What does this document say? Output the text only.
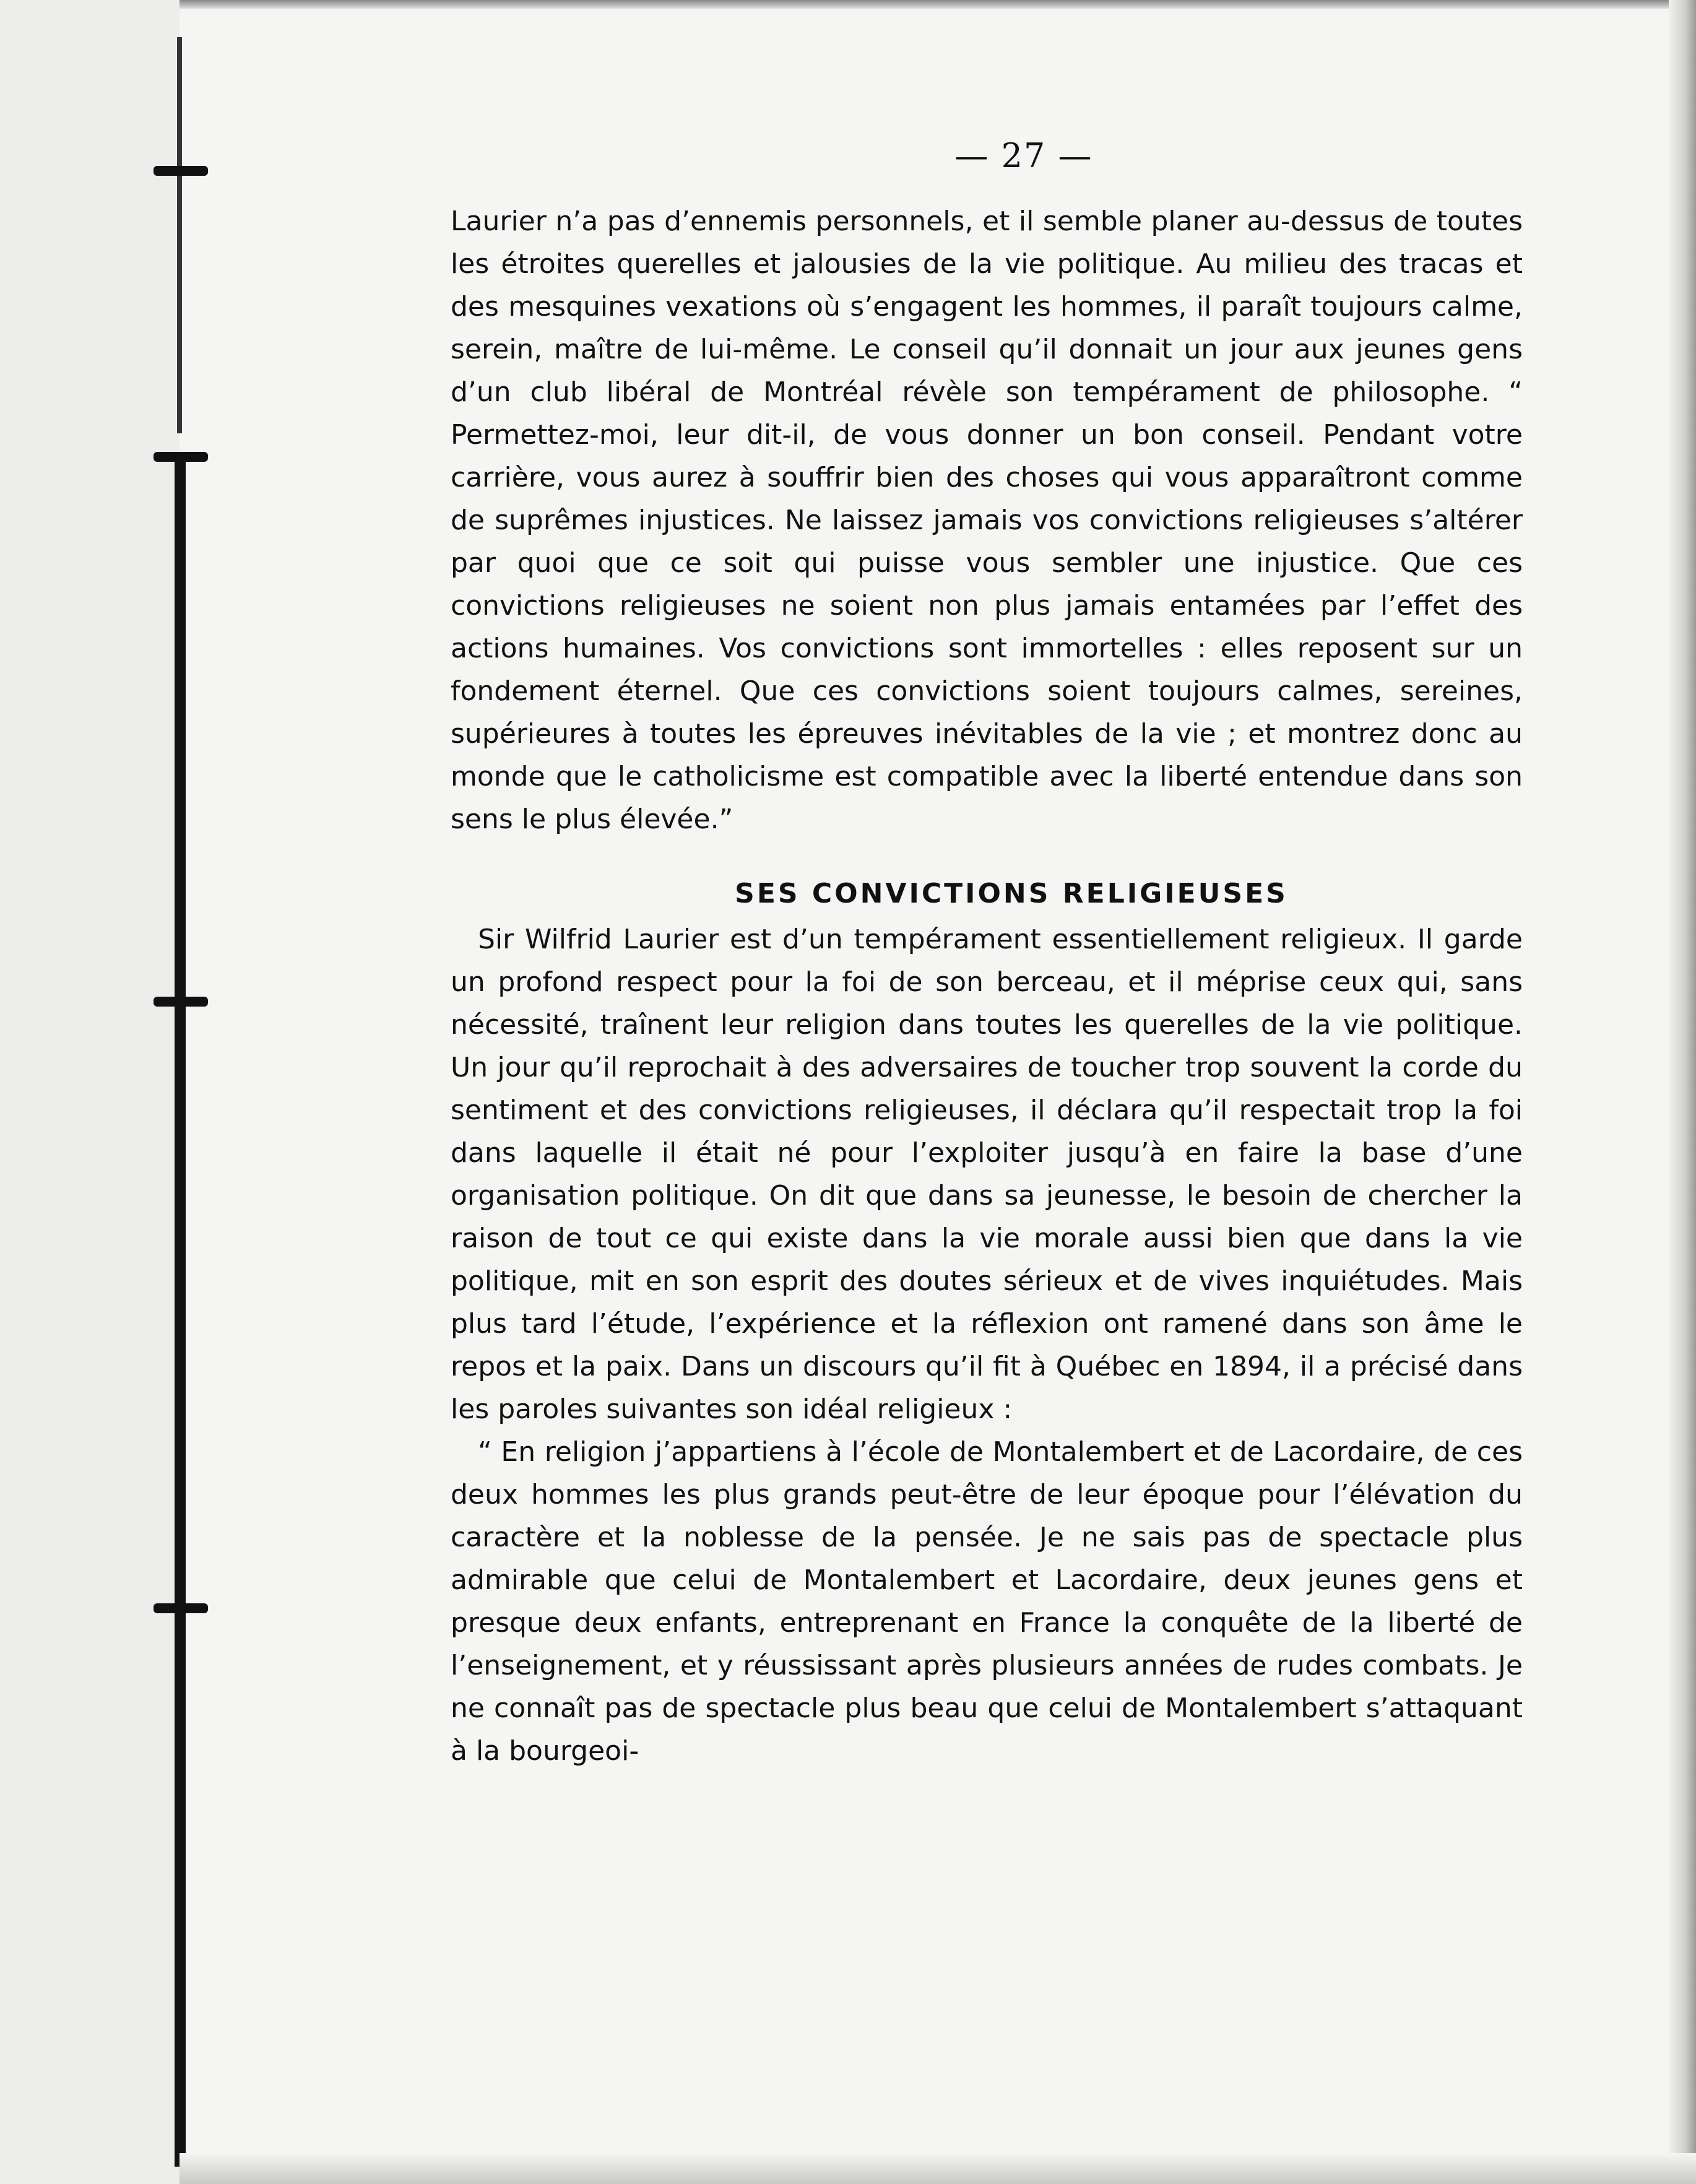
— 27 —

Laurier n’a pas d’ennemis personnels, et il semble planer au-dessus de toutes les étroites querelles et jalousies de la vie politique. Au milieu des tracas et des mesquines vexations où s’engagent les hommes, il paraît toujours calme, serein, maître de lui-même. Le conseil qu’il donnait un jour aux jeunes gens d’un club libéral de Montréal révèle son tempérament de philosophe. “ Permettez-moi, leur dit-il, de vous donner un bon conseil. Pendant votre carrière, vous aurez à souffrir bien des choses qui vous apparaîtront comme de suprêmes injustices. Ne laissez jamais vos convictions religieuses s’altérer par quoi que ce soit qui puisse vous sembler une injustice. Que ces convictions religieuses ne soient non plus jamais entamées par l’effet des actions humaines. Vos convictions sont immortelles : elles reposent sur un fondement éternel. Que ces convictions soient toujours calmes, sereines, supérieures à toutes les épreuves inévitables de la vie ; et montrez donc au monde que le catholicisme est compatible avec la liberté entendue dans son sens le plus élevée.”

SES CONVICTIONS RELIGIEUSES

Sir Wilfrid Laurier est d’un tempérament essentiellement religieux. Il garde un profond respect pour la foi de son berceau, et il méprise ceux qui, sans nécessité, traînent leur religion dans toutes les querelles de la vie politique. Un jour qu’il reprochait à des adversaires de toucher trop souvent la corde du sentiment et des convictions religieuses, il déclara qu’il respectait trop la foi dans laquelle il était né pour l’exploiter jusqu’à en faire la base d’une organisation politique. On dit que dans sa jeunesse, le besoin de chercher la raison de tout ce qui existe dans la vie morale aussi bien que dans la vie politique, mit en son esprit des doutes sérieux et de vives inquiétudes. Mais plus tard l’étude, l’expérience et la réflexion ont ramené dans son âme le repos et la paix. Dans un discours qu’il fit à Québec en 1894, il a précisé dans les paroles suivantes son idéal religieux :

“ En religion j’appartiens à l’école de Montalembert et de Lacordaire, de ces deux hommes les plus grands peut-être de leur époque pour l’élévation du caractère et la noblesse de la pensée. Je ne sais pas de spectacle plus admirable que celui de Montalembert et Lacordaire, deux jeunes gens et presque deux enfants, entreprenant en France la conquête de la liberté de l’enseignement, et y réussissant après plusieurs années de rudes combats. Je ne connaît pas de spectacle plus beau que celui de Montalembert s’attaquant à la bourgeoi-
